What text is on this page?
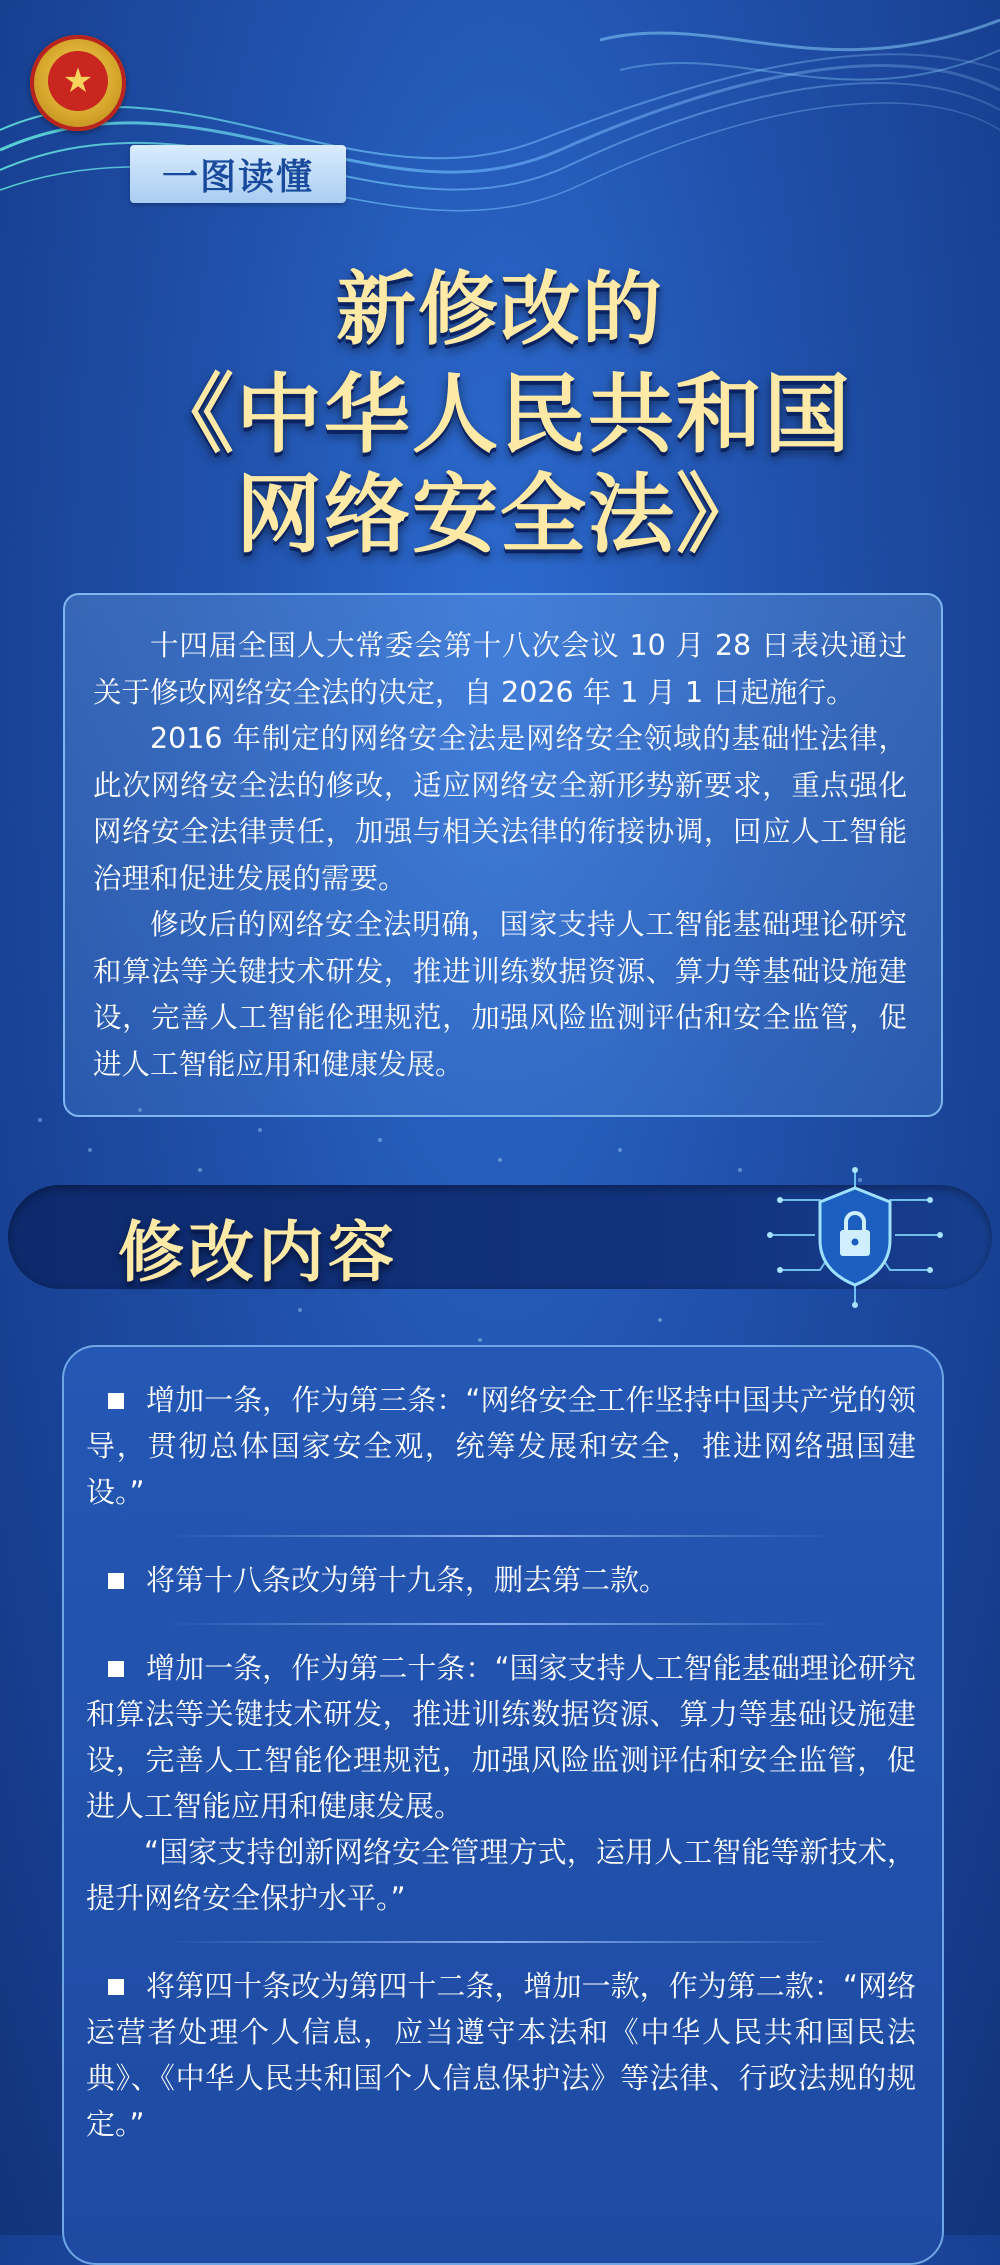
★
一图读懂
新修改的
《中华人民共和国
网络安全法》

十四届全国人大常委会第十八次会议 10 月 28 日表决通过关于修改网络安全法的决定，自 2026 年 1 月 1 日起施行。

2016 年制定的网络安全法是网络安全领域的基础性法律，此次网络安全法的修改，适应网络安全新形势新要求，重点强化网络安全法律责任，加强与相关法律的衔接协调，回应人工智能治理和促进发展的需要。

修改后的网络安全法明确，国家支持人工智能基础理论研究和算法等关键技术研发，推进训练数据资源、算力等基础设施建设，完善人工智能伦理规范，加强风险监测评估和安全监管，促进人工智能应用和健康发展。

修改内容

增加一条，作为第三条：“网络安全工作坚持中国共产党的领导，贯彻总体国家安全观，统筹发展和安全，推进网络强国建设。”

将第十八条改为第十九条，删去第二款。

增加一条，作为第二十条：“国家支持人工智能基础理论研究和算法等关键技术研发，推进训练数据资源、算力等基础设施建设，完善人工智能伦理规范，加强风险监测评估和安全监管，促进人工智能应用和健康发展。

“国家支持创新网络安全管理方式，运用人工智能等新技术，提升网络安全保护水平。”

将第四十条改为第四十二条，增加一款，作为第二款：“网络运营者处理个人信息，应当遵守本法和《中华人民共和国民法典》、《中华人民共和国个人信息保护法》等法律、行政法规的规定。”
